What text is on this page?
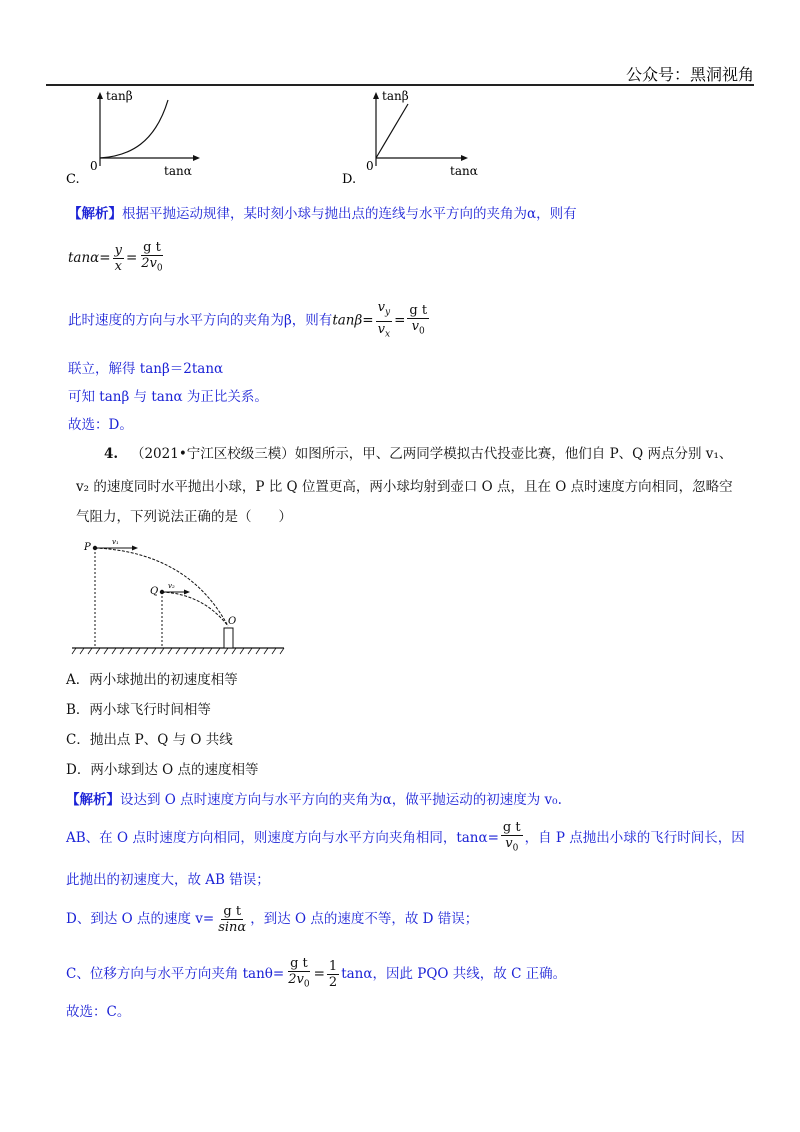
公众号：黑洞视角
tanβ
tanα
0
C.
tanβ
tanα
0
D.
【解析】根据平抛运动规律，某时刻小球与抛出点的连线与水平方向的夹角为α，则有
$\tan\alpha= \frac{y}{x} = \frac{\text{g t}}{2v_0}$
此时速度的方向与水平方向的夹角为β，则有$\tan\beta= \frac{v_y}{v_x} = \frac{\text{g t}}{v_0}$
联立，解得 tanβ＝2tanα
可知 tanβ 与 tanα 为正比关系。
故选：D。
4. （2021•宁江区校级三模）如图所示，甲、乙两同学模拟古代投壶比赛，他们自 P、Q 两点分别 v₁、
v₂ 的速度同时水平抛出小球，P 比 Q 位置更高，两小球均射到壶口 O 点，且在 O 点时速度方向相同，忽略空
气阻力，下列说法正确的是（　　）
P
Q
O
v₁
v₂
A．两小球抛出的初速度相等
B．两小球飞行时间相等
C．抛出点 P、Q 与 O 共线
D．两小球到达 O 点的速度相等
【解析】设达到 O 点时速度方向与水平方向的夹角为α，做平抛运动的初速度为 v₀.
AB、在 O 点时速度方向相同，则速度方向与水平方向夹角相同，$\tan\alpha= \frac{\text{g t}}{v_0}$ ，自 P 点抛出小球的飞行时间长，因
此抛出的初速度大，故 AB 错误；
D、到达 O 点的速度 $v= \frac{\text{g t}}{\sin\alpha}$ ，到达 O 点的速度不等，故 D 错误；
C、位移方向与水平方向夹角 $\tan\theta= \frac{\text{g t}}{2v_0} = \frac{1}{2}$ tanα，因此 PQO 共线，故 C 正确。
故选：C。
